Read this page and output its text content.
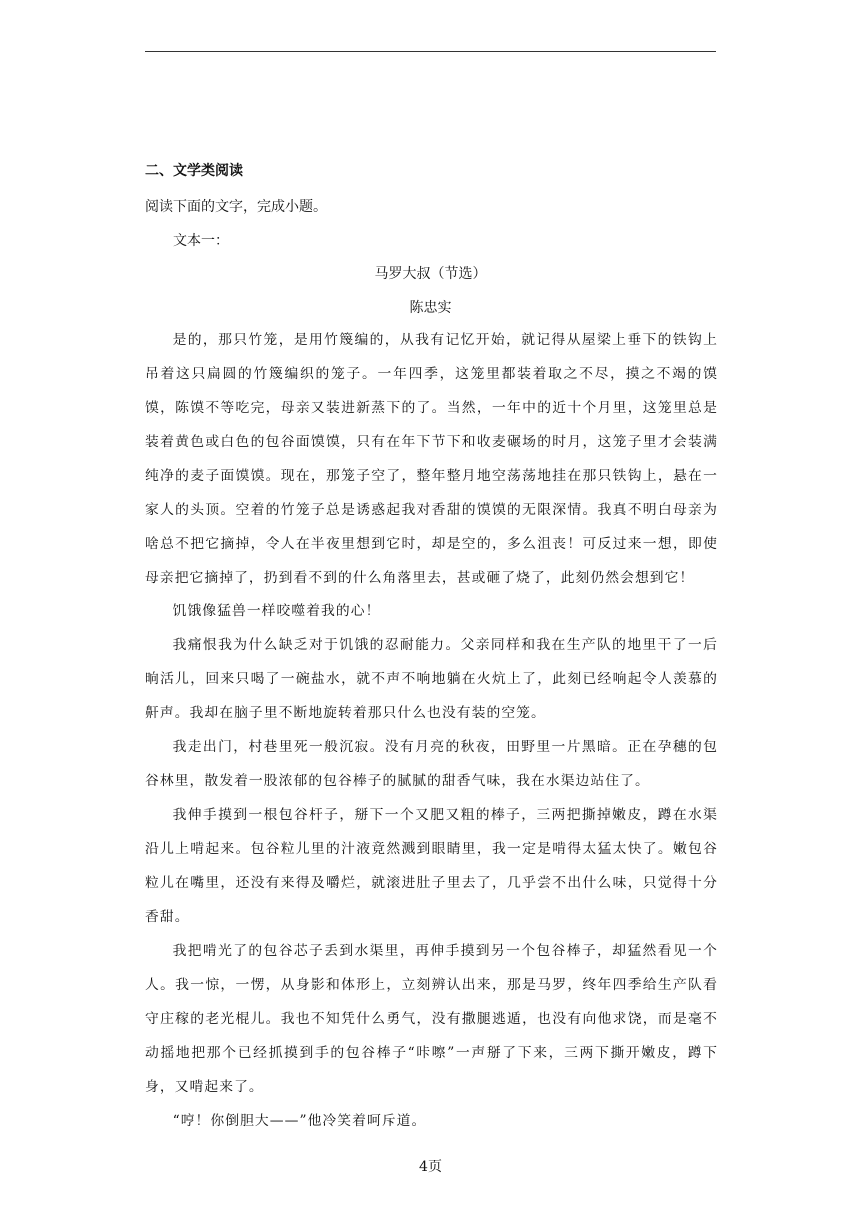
二、文学类阅读
阅读下面的文字，完成小题。
文本一：
马罗大叔（节选）
陈忠实

是的，那只竹笼，是用竹篾编的，从我有记忆开始，就记得从屋梁上垂下的铁钩上吊着这只扁圆的竹篾编织的笼子。一年四季，这笼里都装着取之不尽，摸之不竭的馍馍，陈馍不等吃完，母亲又装进新蒸下的了。当然，一年中的近十个月里，这笼里总是装着黄色或白色的包谷面馍馍，只有在年下节下和收麦碾场的时月，这笼子里才会装满纯净的麦子面馍馍。现在，那笼子空了，整年整月地空荡荡地挂在那只铁钩上，悬在一家人的头顶。空着的竹笼子总是诱惑起我对香甜的馍馍的无限深情。我真不明白母亲为啥总不把它摘掉，令人在半夜里想到它时，却是空的，多么沮丧！可反过来一想，即使母亲把它摘掉了，扔到看不到的什么角落里去，甚或砸了烧了，此刻仍然会想到它！

饥饿像猛兽一样咬噬着我的心！

我痛恨我为什么缺乏对于饥饿的忍耐能力。父亲同样和我在生产队的地里干了一后晌活儿，回来只喝了一碗盐水，就不声不响地躺在火炕上了，此刻已经响起令人羡慕的鼾声。我却在脑子里不断地旋转着那只什么也没有装的空笼。

我走出门，村巷里死一般沉寂。没有月亮的秋夜，田野里一片黑暗。正在孕穗的包谷林里，散发着一股浓郁的包谷棒子的腻腻的甜香气味，我在水渠边站住了。

我伸手摸到一根包谷杆子，掰下一个又肥又粗的棒子，三两把撕掉嫩皮，蹲在水渠沿儿上啃起来。包谷粒儿里的汁液竟然溅到眼睛里，我一定是啃得太猛太快了。嫩包谷粒儿在嘴里，还没有来得及嚼烂，就滚进肚子里去了，几乎尝不出什么味，只觉得十分香甜。

我把啃光了的包谷芯子丢到水渠里，再伸手摸到另一个包谷棒子，却猛然看见一个人。我一惊，一愣，从身影和体形上，立刻辨认出来，那是马罗，终年四季给生产队看守庄稼的老光棍儿。我也不知凭什么勇气，没有撒腿逃遁，也没有向他求饶，而是毫不动摇地把那个已经抓摸到手的包谷棒子“咔嚓”一声掰了下来，三两下撕开嫩皮，蹲下身，又啃起来了。

“哼！你倒胆大——”他冷笑着呵斥道。

4页
